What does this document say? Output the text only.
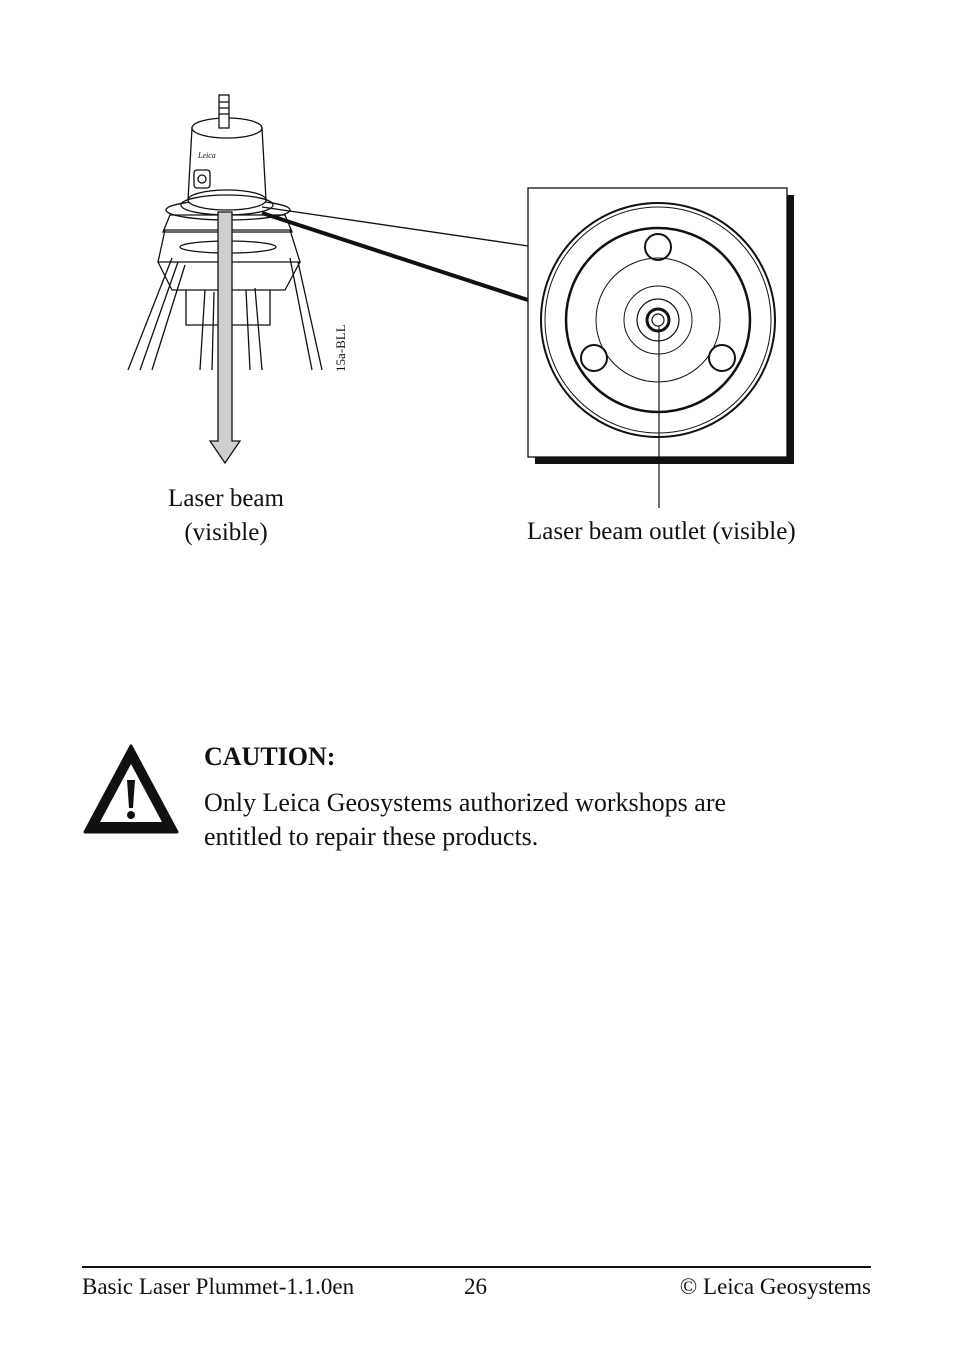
Leica
15a-BLL
Laser beam
(visible)	Laser beam outlet (visible)
CAUTION:
Only Leica Geosystems authorized workshops are
entitled to repair these products.
Basic Laser Plummet-1.1.0en	26	© Leica Geosystems
